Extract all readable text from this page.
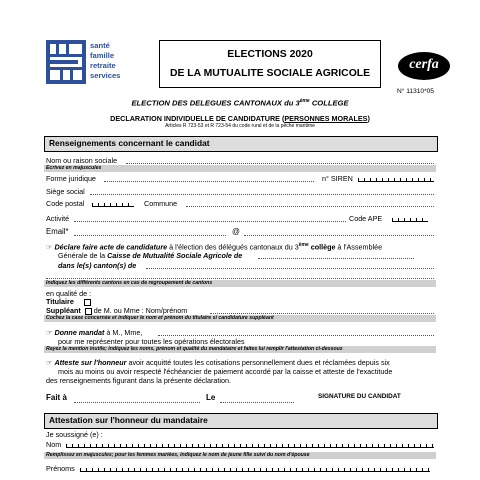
santé
famille
retraite
services
ELECTIONS 2020
DE LA MUTUALITE SOCIALE AGRICOLE
cerfa
N° 11310*05
ELECTION DES DELEGUES CANTONAUX du 3ème COLLEGE
DECLARATION INDIVIDUELLE DE CANDIDATURE (PERSONNES MORALES)
Articles R 723-53 et R 723-54 du code rural et de la pêche maritime
Renseignements concernant le candidat
Nom ou raison sociale
Ecrivez en majuscules
Forme juridique	n° SIREN
Siège social
Code postal	Commune
Activité	Code APE
Email*	@
☞ Déclare faire acte de candidature à l'élection des délégués cantonaux du 3ème collège à l'Assemblée
Générale de la Caisse de Mutualité Sociale Agricole de
dans le(s) canton(s) de
Indiquez les différents cantons en cas de regroupement de cantons
en qualité de :
Titulaire
Suppléant de M. ou Mme : Nom/prénom
Cochez la case concernée et indiquer le nom et prénom du titulaire si candidature suppléant
☞ Donne mandat à M., Mme,
pour me représenter pour toutes les opérations électorales
Rayez la mention inutile; indiquez les noms, prénom et qualité du mandataire et faites lui remplir l'attestation ci-dessous
☞ Atteste sur l'honneur avoir acquitté toutes les cotisations personnellement dues et réclamées depuis six
mois au moins ou avoir respecté l'échéancier de paiement accordé par la caisse et atteste de l'exactitude
des renseignements figurant dans la présente déclaration.
Fait à	Le	SIGNATURE DU CANDIDAT
Attestation sur l'honneur du mandataire
Je soussigné (e) :
Nom
Remplissez en majuscules; pour les femmes mariées, indiquez le nom de jeune fille suivi du nom d'épouse
Prénoms
